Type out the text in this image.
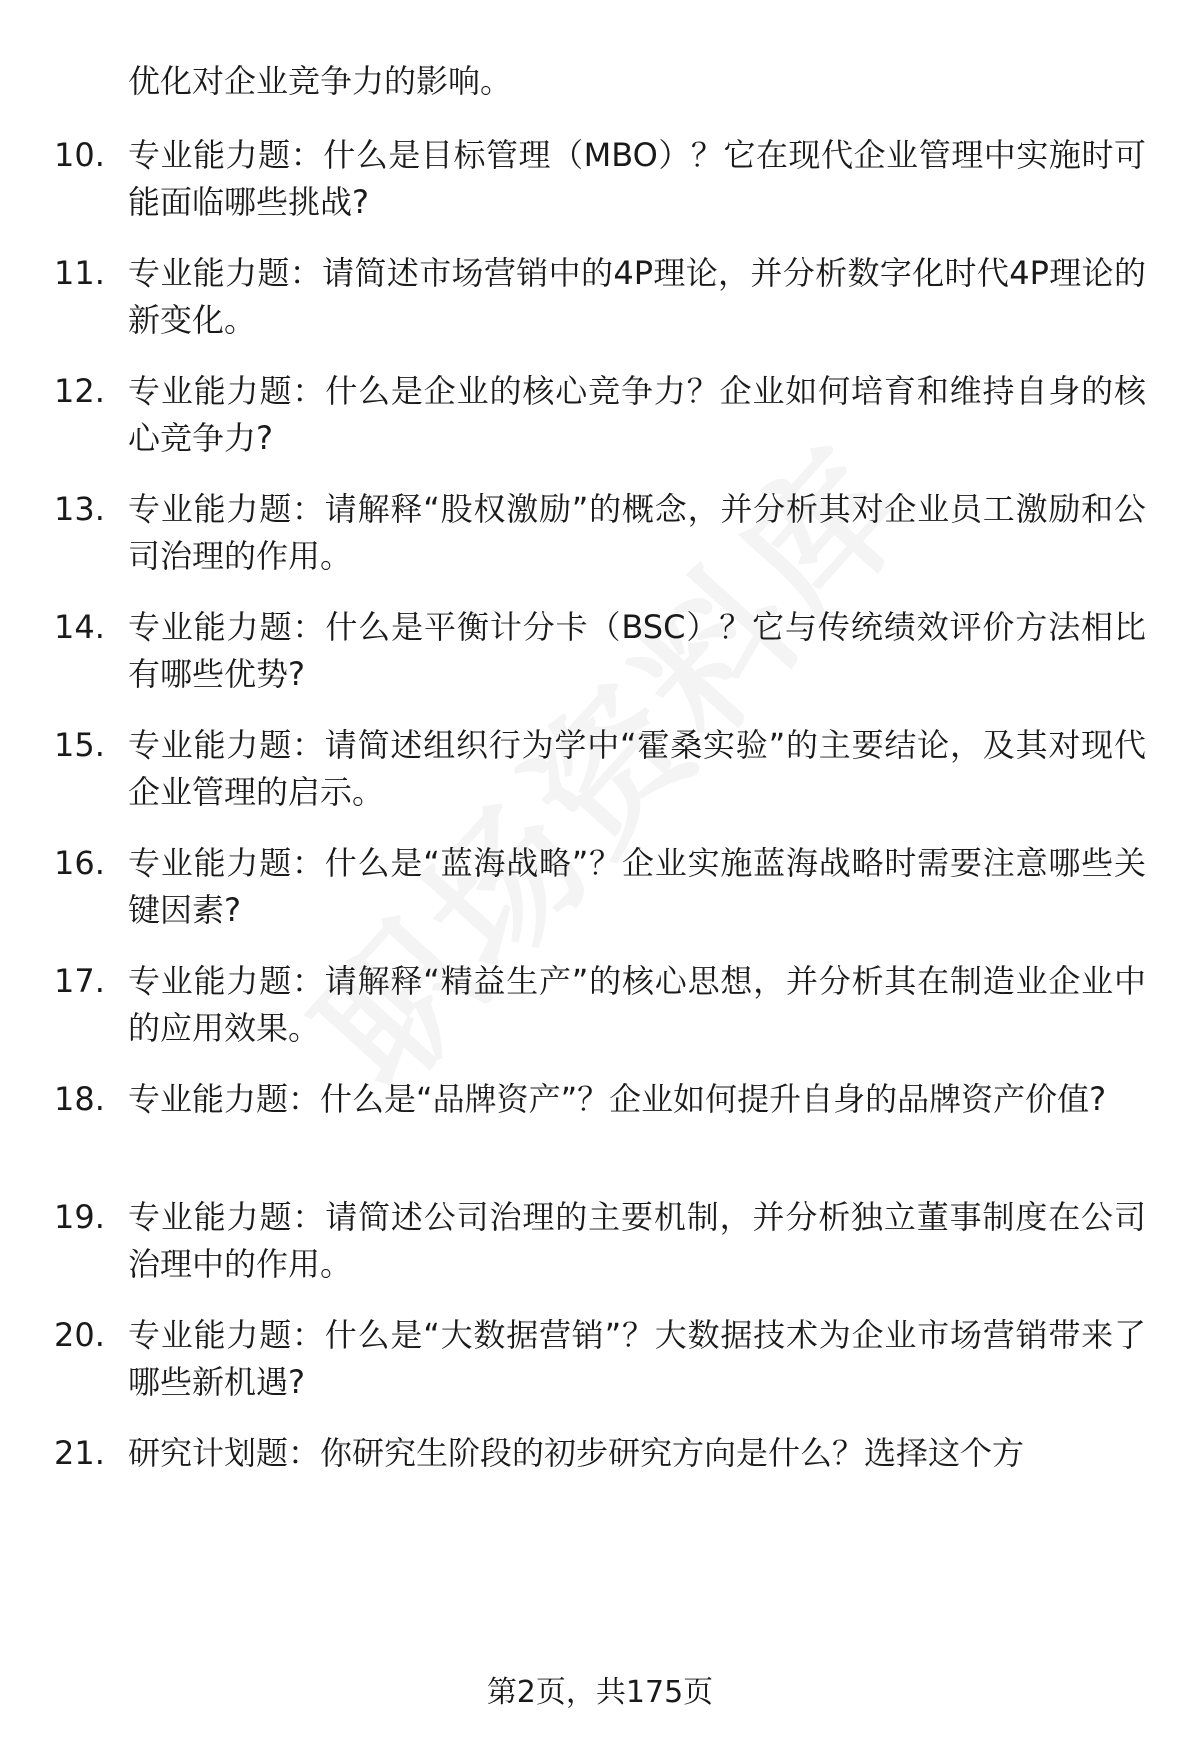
优化对企业竞争力的影响。
10. 专业能力题：什么是目标管理（MBO）？它在现代企业管理中实施时可能面临哪些挑战?
11. 专业能力题：请简述市场营销中的4P理论，并分析数字化时代4P理论的新变化。
12. 专业能力题：什么是企业的核心竞争力？企业如何培育和维持自身的核心竞争力?
13. 专业能力题：请解释“股权激励”的概念，并分析其对企业员工激励和公司治理的作用。
14. 专业能力题：什么是平衡计分卡（BSC）？它与传统绩效评价方法相比有哪些优势?
15. 专业能力题：请简述组织行为学中“霍桑实验”的主要结论，及其对现代企业管理的启示。
16. 专业能力题：什么是“蓝海战略”？企业实施蓝海战略时需要注意哪些关键因素?
17. 专业能力题：请解释“精益生产”的核心思想，并分析其在制造业企业中的应用效果。
18. 专业能力题：什么是“品牌资产”？企业如何提升自身的品牌资产价值?
19. 专业能力题：请简述公司治理的主要机制，并分析独立董事制度在公司治理中的作用。
20. 专业能力题：什么是“大数据营销”？大数据技术为企业市场营销带来了哪些新机遇?
21. 研究计划题：你研究生阶段的初步研究方向是什么？选择这个方
第2页，共175页
